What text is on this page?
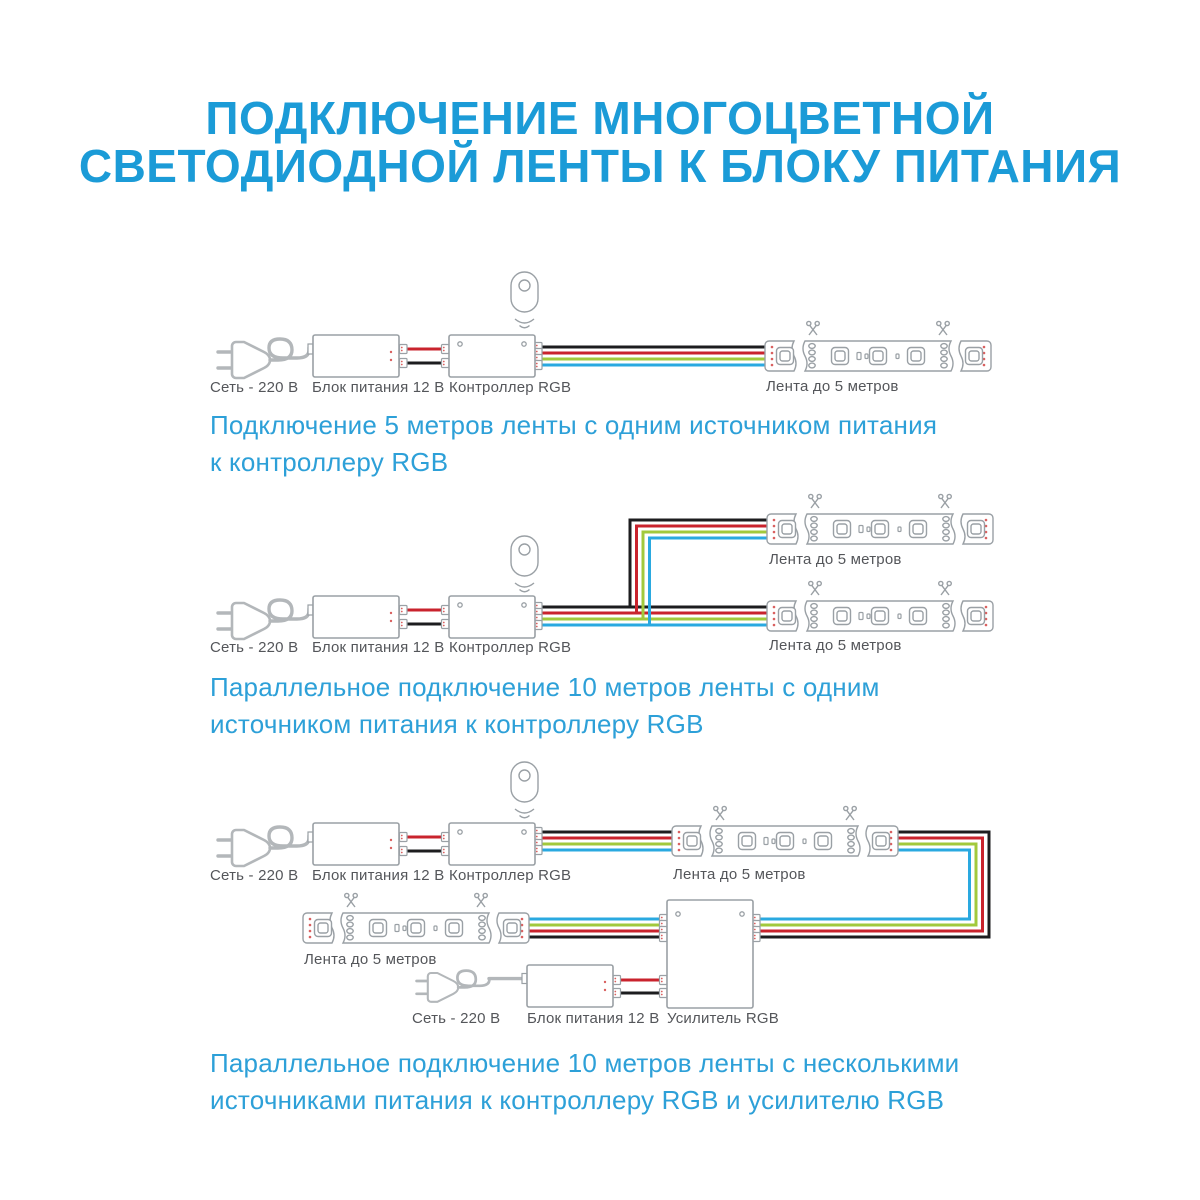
ПОДКЛЮЧЕНИЕ МНОГОЦВЕТНОЙ
СВЕТОДИОДНОЙ ЛЕНТЫ К БЛОКУ ПИТАНИЯ
Сеть - 220 В Блок питания 12 В Контроллер RGB	Лента до 5 метров
Лента до 5 метров
Лента до 5 метров
Сеть - 220 В Блок питания 12 В Контроллер RGB
Сеть - 220 В Блок питания 12 В Контроллер RGB	Лента до 5 метров
Лента до 5 метров
Сеть - 220 В Блок питания 12 В Усилитель RGB
Подключение 5 метров ленты с одним источником питания
к контроллеру RGB
Параллельное подключение 10 метров ленты с одним
источником питания к контроллеру RGB
Параллельное подключение 10 метров ленты с несколькими
источниками питания к контроллеру RGB и усилителю RGB
